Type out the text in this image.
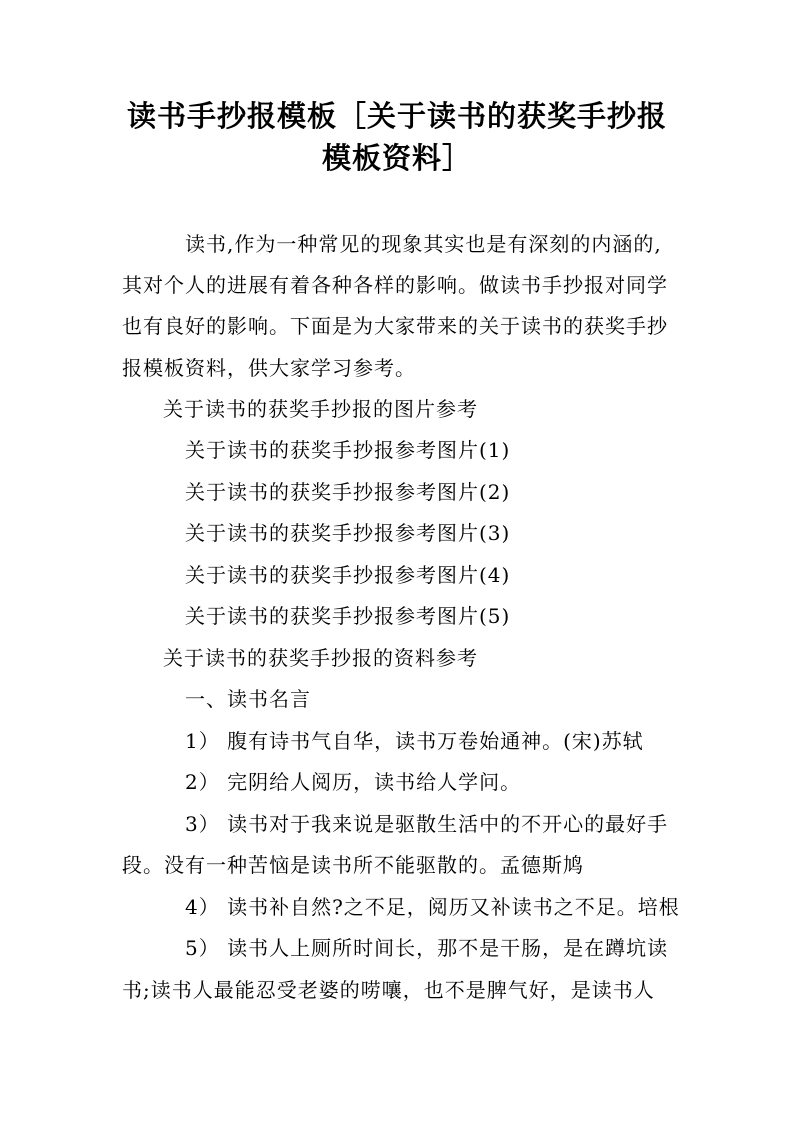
读书手抄报模板［关于读书的获奖手抄报
模板资料］
读书,作为一种常见的现象其实也是有深刻的内涵的,
其对个人的进展有着各种各样的影响。做读书手抄报对同学
也有良好的影响。下面是为大家带来的关于读书的获奖手抄
报模板资料，供大家学习参考。
关于读书的获奖手抄报的图片参考
关于读书的获奖手抄报参考图片(1)
关于读书的获奖手抄报参考图片(2)
关于读书的获奖手抄报参考图片(3)
关于读书的获奖手抄报参考图片(4)
关于读书的获奖手抄报参考图片(5)
关于读书的获奖手抄报的资料参考
一、读书名言
1） 腹有诗书气自华，读书万卷始通神。(宋)苏轼
2） 完阴给人阅历，读书给人学问。
3） 读书对于我来说是驱散生活中的不开心的最好手
段。没有一种苦恼是读书所不能驱散的。孟德斯鸠
4） 读书补自然?之不足，阅历又补读书之不足。培根
5） 读书人上厕所时间长，那不是干肠，是在蹲坑读
书;读书人最能忍受老婆的唠嚷，也不是脾气好，是读书人
